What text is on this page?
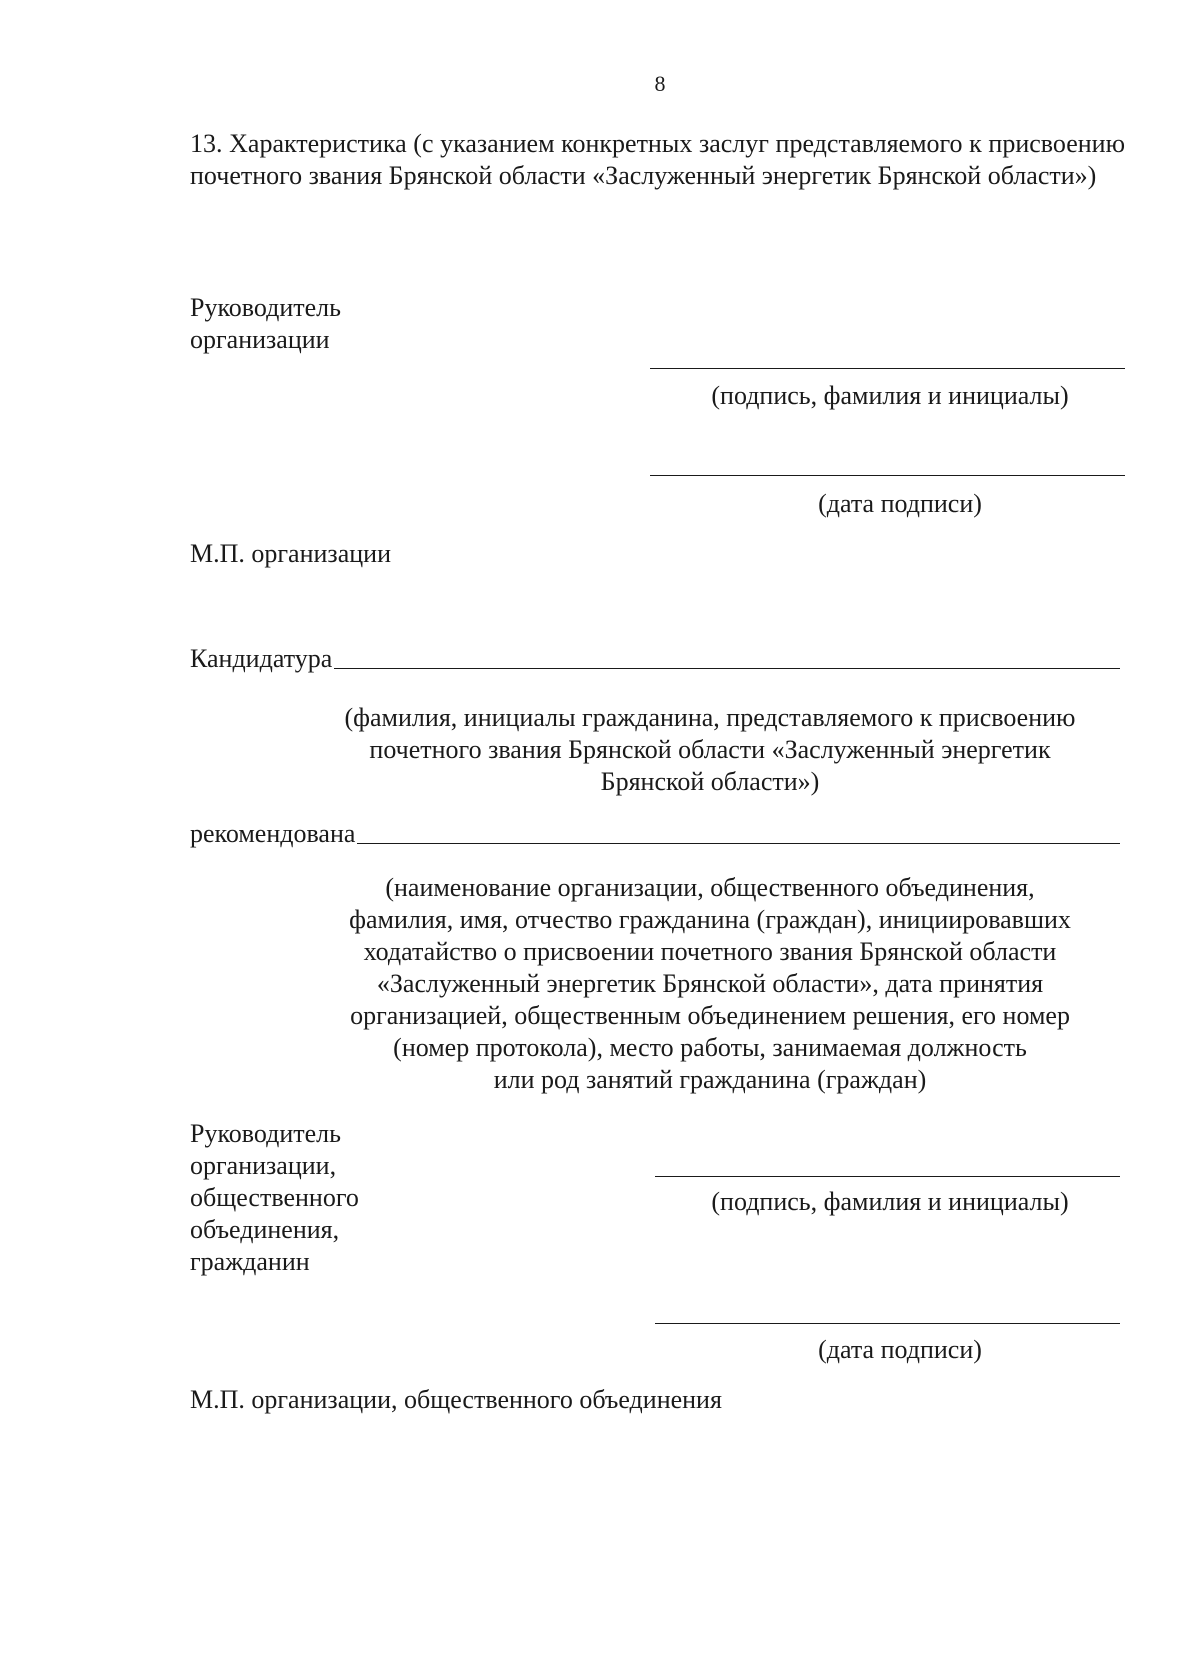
8
13. Характеристика (с указанием конкретных заслуг представляемого к присвоению почетного звания Брянской области «Заслуженный энергетик Брянской области»)
Руководитель
организации
(подпись, фамилия и инициалы)
(дата подписи)
М.П. организации
Кандидатура
(фамилия, инициалы гражданина, представляемого к присвоению
почетного звания Брянской области «Заслуженный энергетик
Брянской области»)
рекомендована
(наименование организации, общественного объединения,
фамилия, имя, отчество гражданина (граждан), инициировавших
ходатайство о присвоении почетного звания Брянской области
«Заслуженный энергетик Брянской области», дата принятия
организацией, общественным объединением решения, его номер
(номер протокола), место работы, занимаемая должность
или род занятий гражданина (граждан)
Руководитель
организации,
общественного
объединения,
гражданин
(подпись, фамилия и инициалы)
(дата подписи)
М.П. организации, общественного объединения
